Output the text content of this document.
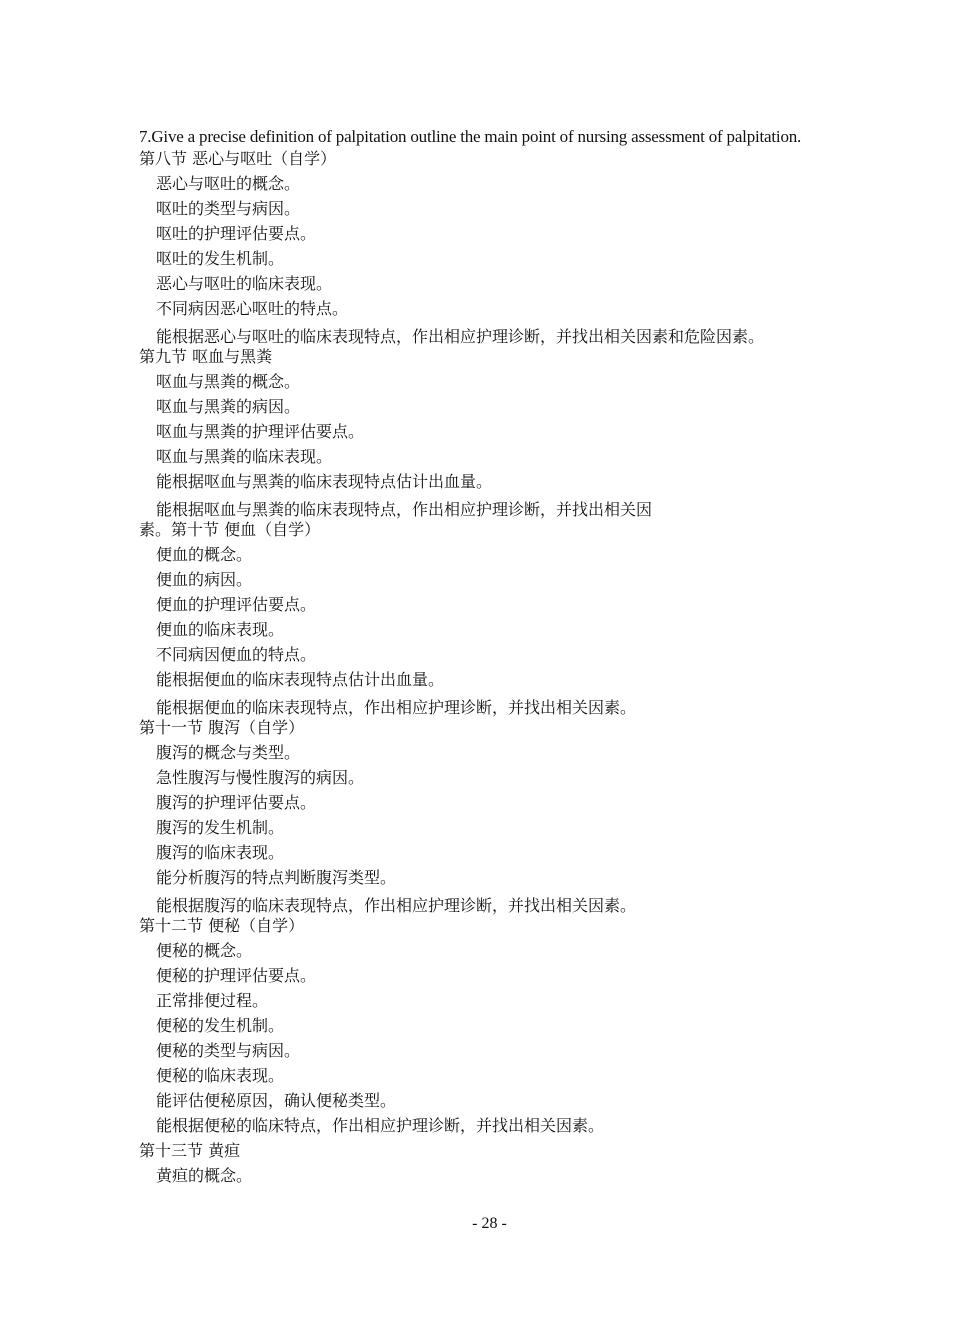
7.Give a precise definition of palpitation outline the main point of nursing assessment of palpitation.
第八节 恶心与呕吐（自学）
恶心与呕吐的概念。
呕吐的类型与病因。
呕吐的护理评估要点。
呕吐的发生机制。
恶心与呕吐的临床表现。
不同病因恶心呕吐的特点。
能根据恶心与呕吐的临床表现特点，作出相应护理诊断，并找出相关因素和危险因素。
第九节 呕血与黑粪
呕血与黑粪的概念。
呕血与黑粪的病因。
呕血与黑粪的护理评估要点。
呕血与黑粪的临床表现。
能根据呕血与黑粪的临床表现特点估计出血量。
能根据呕血与黑粪的临床表现特点，作出相应护理诊断，并找出相关因
素。第十节 便血（自学）
便血的概念。
便血的病因。
便血的护理评估要点。
便血的临床表现。
不同病因便血的特点。
能根据便血的临床表现特点估计出血量。
能根据便血的临床表现特点，作出相应护理诊断，并找出相关因素。
第十一节 腹泻（自学）
腹泻的概念与类型。
急性腹泻与慢性腹泻的病因。
腹泻的护理评估要点。
腹泻的发生机制。
腹泻的临床表现。
能分析腹泻的特点判断腹泻类型。
能根据腹泻的临床表现特点，作出相应护理诊断，并找出相关因素。
第十二节 便秘（自学）
便秘的概念。
便秘的护理评估要点。
正常排便过程。
便秘的发生机制。
便秘的类型与病因。
便秘的临床表现。
能评估便秘原因，确认便秘类型。
能根据便秘的临床特点，作出相应护理诊断，并找出相关因素。
第十三节 黄疸
黄疸的概念。
- 28 -
